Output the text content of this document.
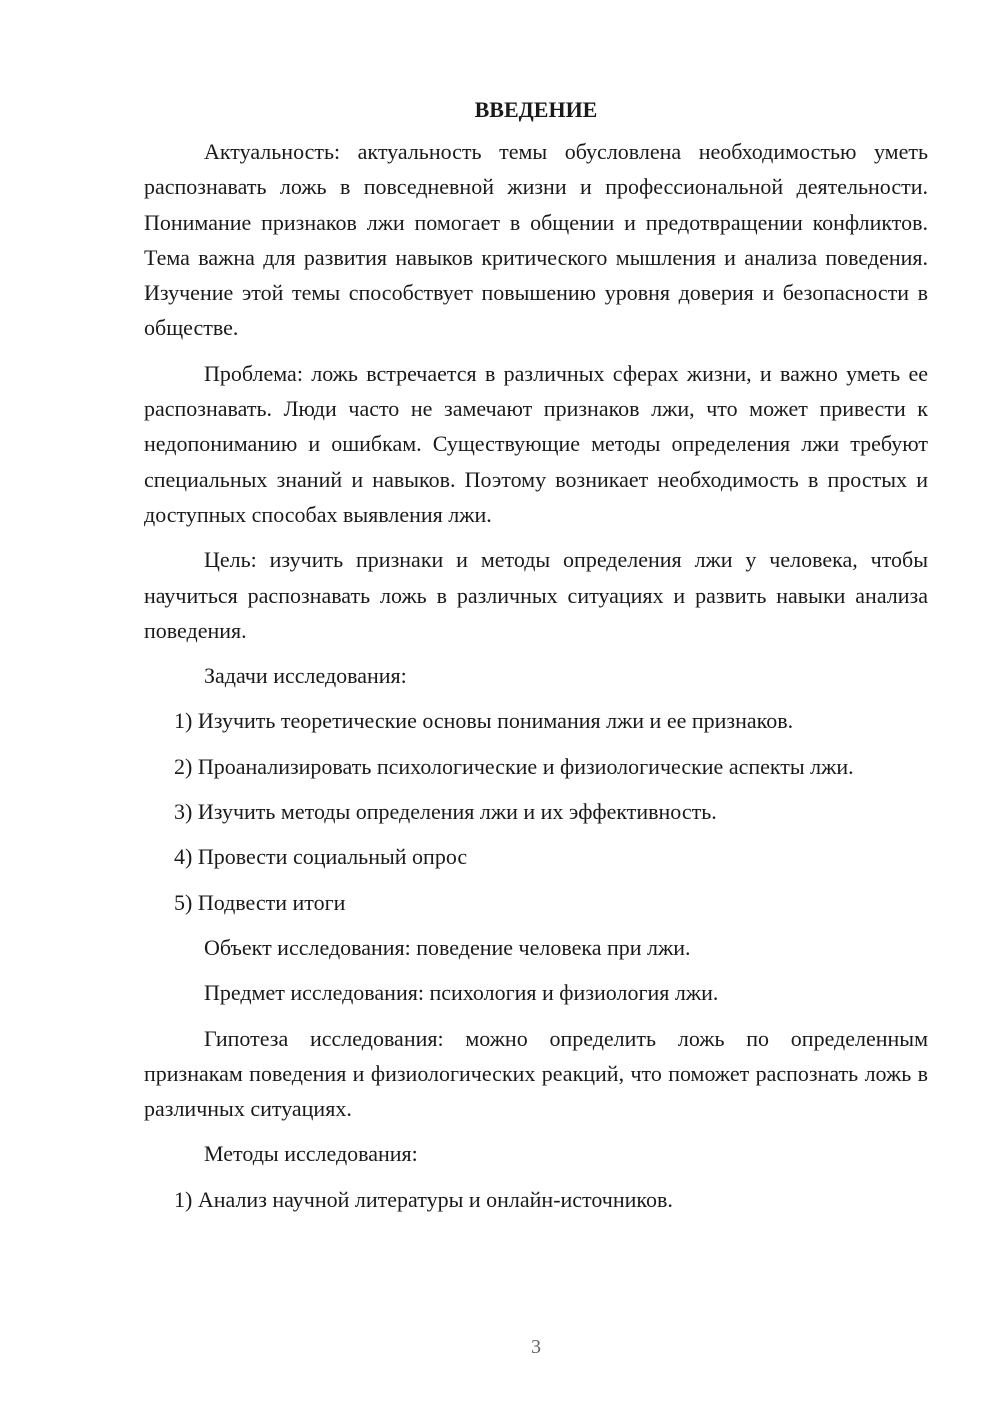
ВВЕДЕНИЕ

Актуальность: актуальность темы обусловлена необходимостью уметь распознавать ложь в повседневной жизни и профессиональной деятельности. Понимание признаков лжи помогает в общении и предотвращении конфликтов. Тема важна для развития навыков критического мышления и анализа поведения. Изучение этой темы способствует повышению уровня доверия и безопасности в обществе.

Проблема: ложь встречается в различных сферах жизни, и важно уметь ее распознавать. Люди часто не замечают признаков лжи, что может привести к недопониманию и ошибкам. Существующие методы определения лжи требуют специальных знаний и навыков. Поэтому возникает необходимость в простых и доступных способах выявления лжи.

Цель: изучить признаки и методы определения лжи у человека, чтобы научиться распознавать ложь в различных ситуациях и развить навыки анализа поведения.

Задачи исследования:

1) Изучить теоретические основы понимания лжи и ее признаков.

2) Проанализировать психологические и физиологические аспекты лжи.

3) Изучить методы определения лжи и их эффективность.

4) Провести социальный опрос

5) Подвести итоги

Объект исследования: поведение человека при лжи.

Предмет исследования: психология и физиология лжи.

Гипотеза исследования: можно определить ложь по определенным признакам поведения и физиологических реакций, что поможет распознать ложь в различных ситуациях.

Методы исследования:

1) Анализ научной литературы и онлайн-источников.

3
